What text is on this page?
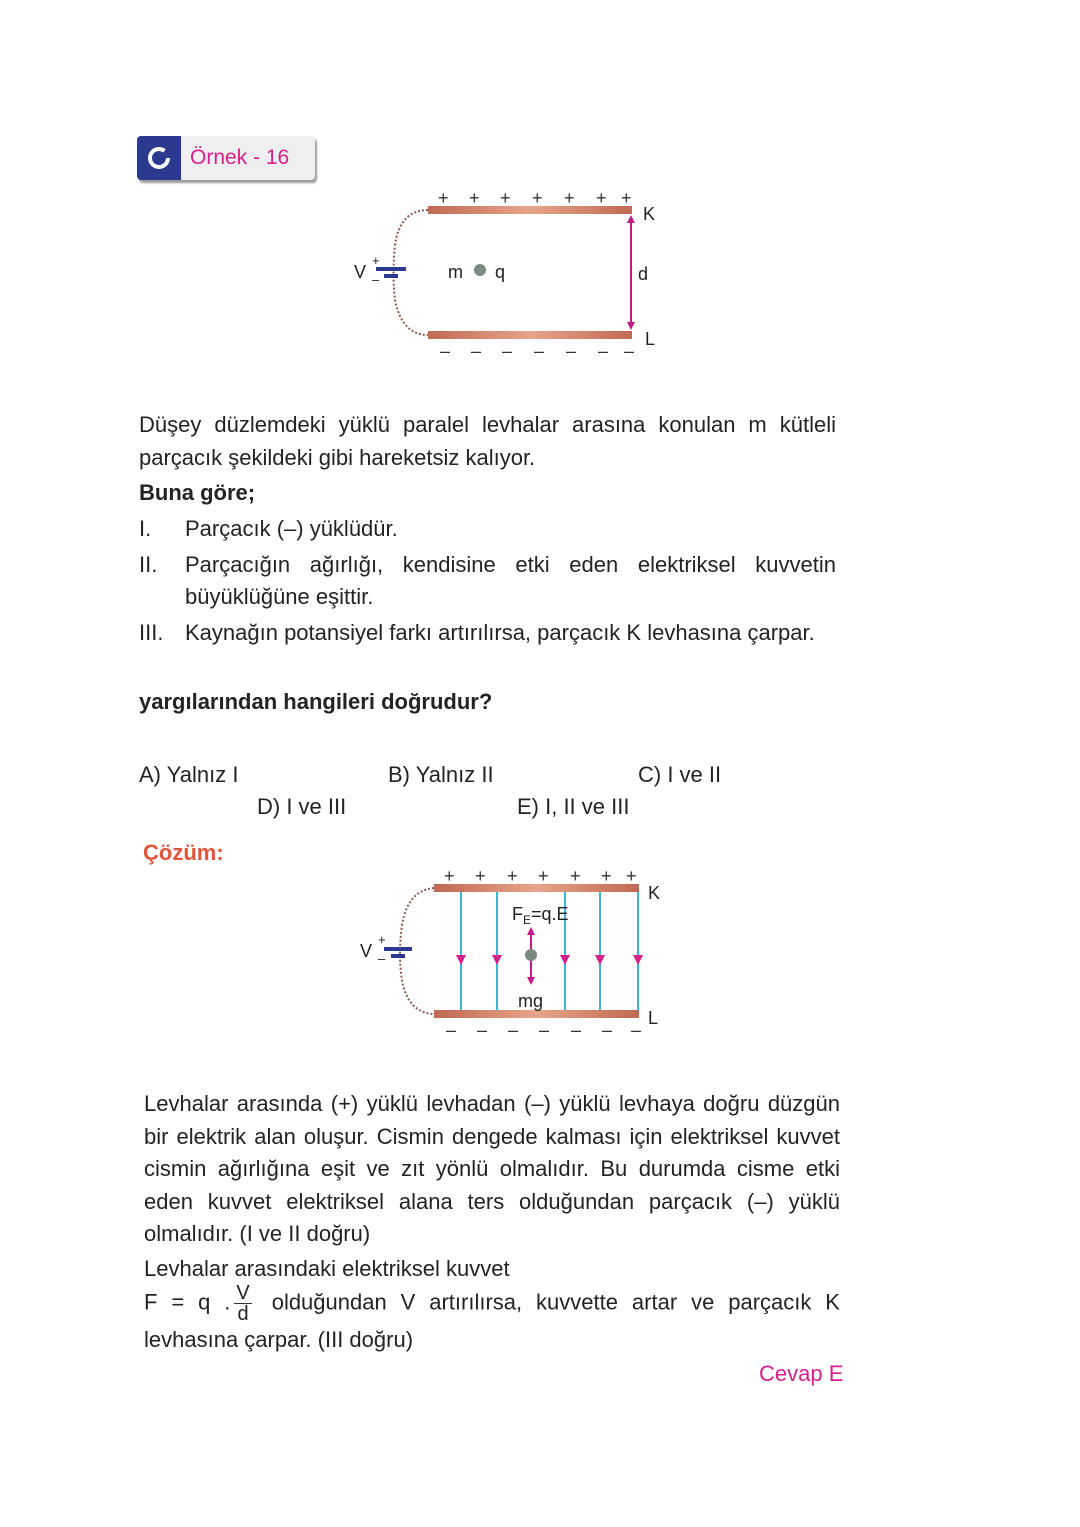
Örnek - 16
+ + + + + + +
– – – – – – –
V
+
–	m q	d
K
L
Düşey düzlemdeki yüklü paralel levhalar arasına konulan m kütleli parçacık şekildeki gibi hareketsiz kalıyor.
Buna göre;
I.	Parçacık (–) yüklüdür.
II.	Parçacığın ağırlığı, kendisine etki eden elektriksel kuvvetin büyüklüğüne eşittir.
III. Kaynağın potansiyel farkı artırılırsa, parçacık K levhasına çarpar.
yargılarından hangileri doğrudur?
A) Yalnız I	B) Yalnız II	C) I ve II
D) I ve III	E) I, II ve III
Çözüm:
+ + + + + + +
– – – – – – –
V
+
–
$F_E=q.E$
mg
K
L
Levhalar arasında (+) yüklü levhadan (–) yüklü levhaya doğru düzgün bir elektrik alan oluşur. Cismin dengede kalması için elektriksel kuvvet cismin ağırlığına eşit ve zıt yönlü olmalıdır. Bu durumda cisme etki eden kuvvet elektriksel alana ters olduğundan parçacık (–) yüklü olmalıdır. (I ve II doğru)
Levhalar arasındaki elektriksel kuvvet
F = q . $\frac{V}{d}$ olduğundan V artırılırsa, kuvvette artar ve parçacık K levhasına çarpar. (III doğru)
Cevap E
